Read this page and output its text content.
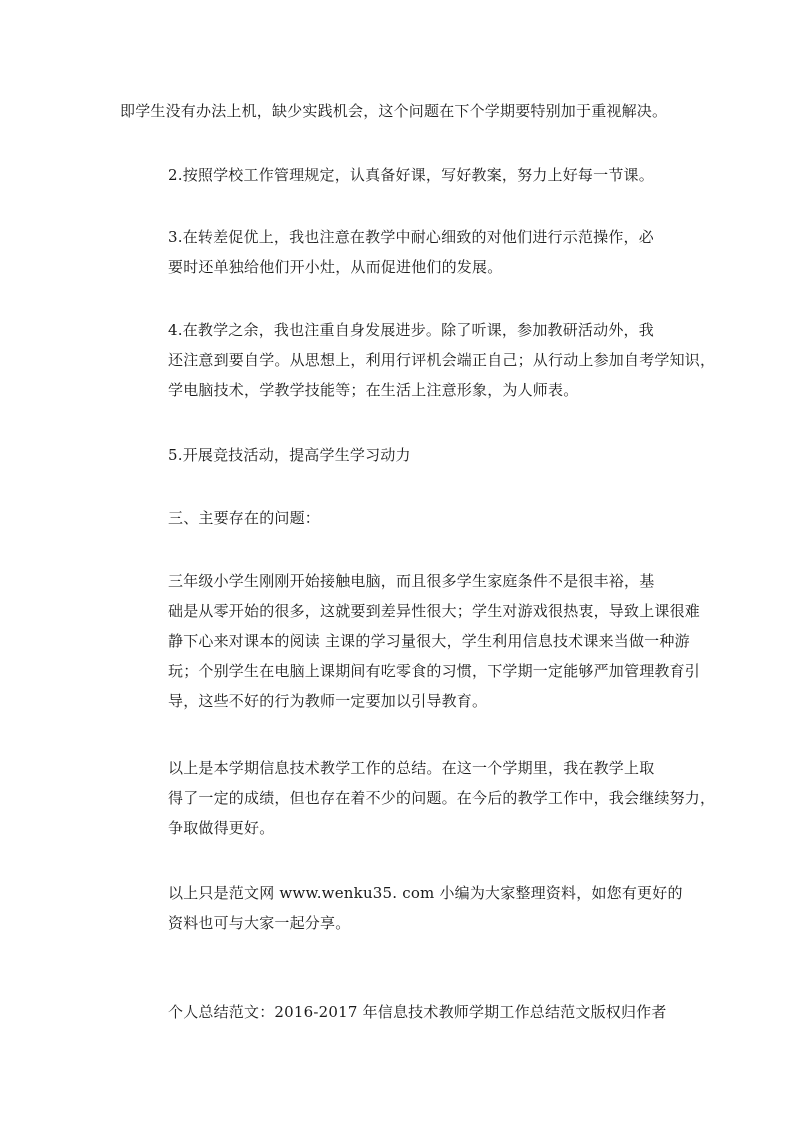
即学生没有办法上机，缺少实践机会，这个问题在下个学期要特别加于重视解决。

2.按照学校工作管理规定，认真备好课，写好教案，努力上好每一节课。

3.在转差促优上，我也注意在教学中耐心细致的对他们进行示范操作，必
要时还单独给他们开小灶，从而促进他们的发展。

4.在教学之余，我也注重自身发展进步。除了听课，参加教研活动外，我
还注意到要自学。从思想上，利用行评机会端正自己；从行动上参加自考学知识，
学电脑技术，学教学技能等；在生活上注意形象，为人师表。

5.开展竞技活动，提高学生学习动力

三、主要存在的问题：

三年级小学生刚刚开始接触电脑，而且很多学生家庭条件不是很丰裕，基
础是从零开始的很多，这就要到差异性很大；学生对游戏很热衷，导致上课很难
静下心来对课本的阅读 主课的学习量很大，学生利用信息技术课来当做一种游
玩；个别学生在电脑上课期间有吃零食的习惯，下学期一定能够严加管理教育引
导，这些不好的行为教师一定要加以引导教育。

以上是本学期信息技术教学工作的总结。在这一个学期里，我在教学上取
得了一定的成绩，但也存在着不少的问题。在今后的教学工作中，我会继续努力，
争取做得更好。

以上只是范文网 www.wenku35. com 小编为大家整理资料，如您有更好的
资料也可与大家一起分享。

个人总结范文：2016-2017 年信息技术教师学期工作总结范文版权归作者
